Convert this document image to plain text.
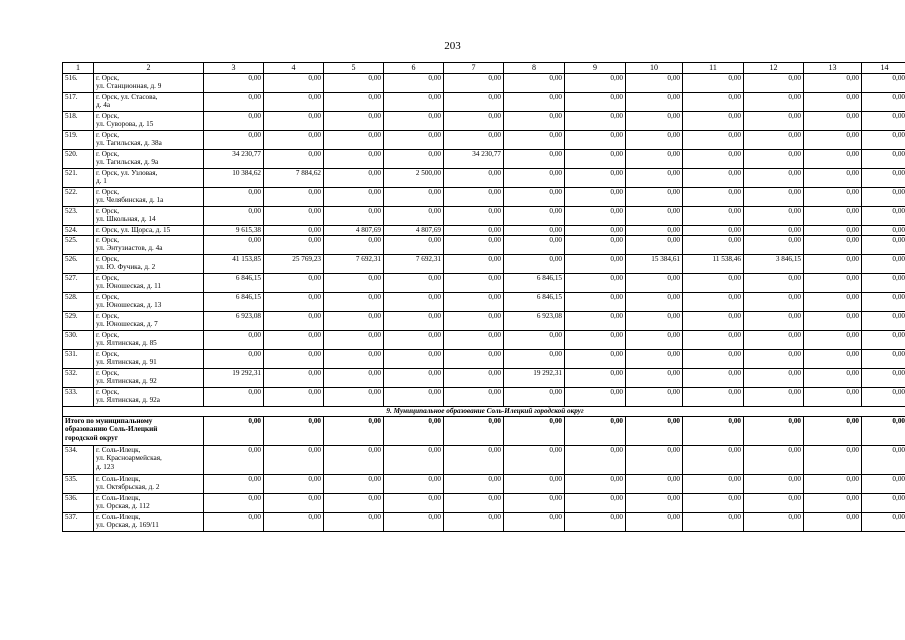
203
1	2	3	4	5	6	7	8	9	10	11	12	13	14
516.	г. Орск,
ул. Станционная, д. 9	0,00	0,00	0,00	0,00	0,00	0,00	0,00	0,00	0,00	0,00	0,00	0,00
517.	г. Орск, ул. Стасова,
д. 4а	0,00	0,00	0,00	0,00	0,00	0,00	0,00	0,00	0,00	0,00	0,00	0,00
518.	г. Орск,
ул. Суворова, д. 15	0,00	0,00	0,00	0,00	0,00	0,00	0,00	0,00	0,00	0,00	0,00	0,00
519.	г. Орск,
ул. Тагильская, д. 38а	0,00	0,00	0,00	0,00	0,00	0,00	0,00	0,00	0,00	0,00	0,00	0,00
520.	г. Орск,
ул. Тагильская, д. 9а	34 230,77	0,00	0,00	0,00	34 230,77	0,00	0,00	0,00	0,00	0,00	0,00	0,00
521.	г. Орск, ул. Узловая,
д. 1	10 384,62	7 884,62	0,00	2 500,00	0,00	0,00	0,00	0,00	0,00	0,00	0,00	0,00
522.	г. Орск,
ул. Челябинская, д. 1а	0,00	0,00	0,00	0,00	0,00	0,00	0,00	0,00	0,00	0,00	0,00	0,00
523.	г. Орск,
ул. Школьная, д. 14	0,00	0,00	0,00	0,00	0,00	0,00	0,00	0,00	0,00	0,00	0,00	0,00
524.	г. Орск, ул. Щорса, д. 15	9 615,38	0,00	4 807,69	4 807,69	0,00	0,00	0,00	0,00	0,00	0,00	0,00	0,00
525.	г. Орск,
ул. Энтузиастов, д. 4а	0,00	0,00	0,00	0,00	0,00	0,00	0,00	0,00	0,00	0,00	0,00	0,00
526.	г. Орск,
ул. Ю. Фучика, д. 2	41 153,85	25 769,23	7 692,31	7 692,31	0,00	0,00	0,00	15 384,61	11 538,46	3 846,15	0,00	0,00
527.	г. Орск,
ул. Юношеская, д. 11	6 846,15	0,00	0,00	0,00	0,00	6 846,15	0,00	0,00	0,00	0,00	0,00	0,00
528.	г. Орск,
ул. Юношеская, д. 13	6 846,15	0,00	0,00	0,00	0,00	6 846,15	0,00	0,00	0,00	0,00	0,00	0,00
529.	г. Орск,
ул. Юношеская, д. 7	6 923,08	0,00	0,00	0,00	0,00	6 923,08	0,00	0,00	0,00	0,00	0,00	0,00
530.	г. Орск,
ул. Ялтинская, д. 85	0,00	0,00	0,00	0,00	0,00	0,00	0,00	0,00	0,00	0,00	0,00	0,00
531.	г. Орск,
ул. Ялтинская, д. 91	0,00	0,00	0,00	0,00	0,00	0,00	0,00	0,00	0,00	0,00	0,00	0,00
532.	г. Орск,
ул. Ялтинская, д. 92	19 292,31	0,00	0,00	0,00	0,00	19 292,31	0,00	0,00	0,00	0,00	0,00	0,00
533.	г. Орск,
ул. Ялтинская, д. 92а	0,00	0,00	0,00	0,00	0,00	0,00	0,00	0,00	0,00	0,00	0,00	0,00
9. Муниципальное образование Соль-Илецкий городской округ													

Итого по муниципальному
образованию Соль-Илецкий
городской округ		0,00	0,00	0,00	0,00	0,00	0,00	0,00	0,00	0,00	0,00	0,00	0,00
534.	г. Соль-Илецк,
ул. Красноармейская,
д. 123	0,00	0,00	0,00	0,00	0,00	0,00	0,00	0,00	0,00	0,00	0,00	0,00
535.	г. Соль-Илецк,
ул. Октябрьская, д. 2	0,00	0,00	0,00	0,00	0,00	0,00	0,00	0,00	0,00	0,00	0,00	0,00
536.	г. Соль-Илецк,
ул. Орская, д. 112	0,00	0,00	0,00	0,00	0,00	0,00	0,00	0,00	0,00	0,00	0,00	0,00
537.	г. Соль-Илецк,
ул. Орская, д. 169/11	0,00	0,00	0,00	0,00	0,00	0,00	0,00	0,00	0,00	0,00	0,00	0,00
